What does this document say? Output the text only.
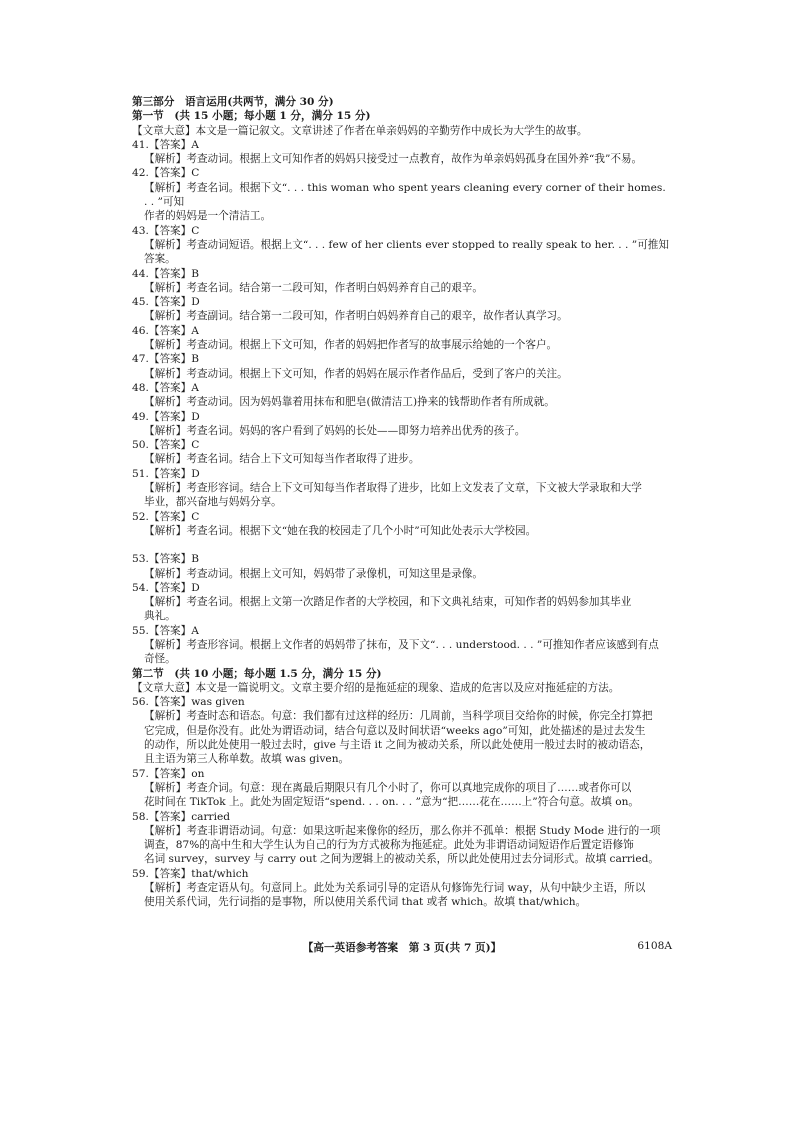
第三部分　语言运用(共两节，满分 30 分)
第一节　(共 15 小题；每小题 1 分，满分 15 分)
【文章大意】本文是一篇记叙文。文章讲述了作者在单亲妈妈的辛勤劳作中成长为大学生的故事。
41.【答案】A
【解析】考查动词。根据上文可知作者的妈妈只接受过一点教育，故作为单亲妈妈孤身在国外养“我”不易。
42.【答案】C
【解析】考查名词。根据下文“. . . this woman who spent years cleaning every corner of their homes. . . ”可知
作者的妈妈是一个清洁工。
43.【答案】C
【解析】考查动词短语。根据上文“. . . few of her clients ever stopped to really speak to her. . . ”可推知答案。
44.【答案】B
【解析】考查名词。结合第一二段可知，作者明白妈妈养育自己的艰辛。
45.【答案】D
【解析】考查副词。结合第一二段可知，作者明白妈妈养育自己的艰辛，故作者认真学习。
46.【答案】A
【解析】考查动词。根据上下文可知，作者的妈妈把作者写的故事展示给她的一个客户。
47.【答案】B
【解析】考查动词。根据上下文可知，作者的妈妈在展示作者作品后，受到了客户的关注。
48.【答案】A
【解析】考查动词。因为妈妈靠着用抹布和肥皂(做清洁工)挣来的钱帮助作者有所成就。
49.【答案】D
【解析】考查名词。妈妈的客户看到了妈妈的长处——即努力培养出优秀的孩子。
50.【答案】C
【解析】考查名词。结合上下文可知每当作者取得了进步。
51.【答案】D
【解析】考查形容词。结合上下文可知每当作者取得了进步，比如上文发表了文章，下文被大学录取和大学
毕业，都兴奋地与妈妈分享。
52.【答案】C
【解析】考查名词。根据下文“她在我的校园走了几个小时”可知此处表示大学校园。
53.【答案】B
【解析】考查动词。根据上文可知，妈妈带了录像机，可知这里是录像。
54.【答案】D
【解析】考查名词。根据上文第一次踏足作者的大学校园，和下文典礼结束，可知作者的妈妈参加其毕业
典礼。
55.【答案】A
【解析】考查形容词。根据上文作者的妈妈带了抹布，及下文“. . . understood. . . ”可推知作者应该感到有点
奇怪。
第二节　(共 10 小题；每小题 1.5 分，满分 15 分)
【文章大意】本文是一篇说明文。文章主要介绍的是拖延症的现象、造成的危害以及应对拖延症的方法。
56.【答案】was given
【解析】考查时态和语态。句意：我们都有过这样的经历：几周前，当科学项目交给你的时候，你完全打算把
它完成，但是你没有。此处为谓语动词，结合句意以及时间状语“weeks ago”可知，此处描述的是过去发生
的动作，所以此处使用一般过去时，give 与主语 it 之间为被动关系，所以此处使用一般过去时的被动语态，
且主语为第三人称单数。故填 was given。
57.【答案】on
【解析】考查介词。句意：现在离最后期限只有几个小时了，你可以真地完成你的项目了……或者你可以
花时间在 TikTok 上。此处为固定短语“spend. . . on. . . ”意为“把……花在……上”符合句意。故填 on。
58.【答案】carried
【解析】考查非谓语动词。句意：如果这听起来像你的经历，那么你并不孤单：根据 Study Mode 进行的一项
调查，87%的高中生和大学生认为自己的行为方式被称为拖延症。此处为非谓语动词短语作后置定语修饰
名词 survey，survey 与 carry out 之间为逻辑上的被动关系，所以此处使用过去分词形式。故填 carried。
59.【答案】that/which
【解析】考查定语从句。句意同上。此处为关系词引导的定语从句修饰先行词 way，从句中缺少主语，所以
使用关系代词，先行词指的是事物，所以使用关系代词 that 或者 which。故填 that/which。
【高一英语参考答案　第 3 页(共 7 页)】	6108A
